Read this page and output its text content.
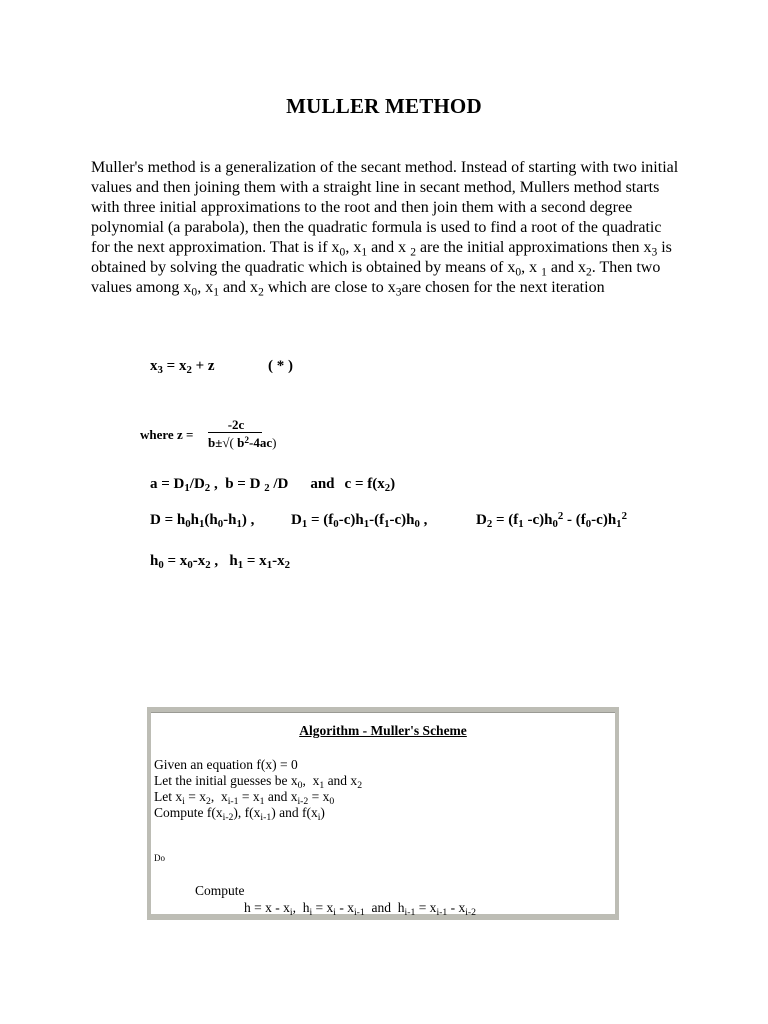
MULLER METHOD

Muller's method is a generalization of the secant method. Instead of starting with two initial values and then joining them with a straight line in secant method, Mullers method starts with three initial approximations to the root and then join them with a second degree polynomial (a parabola), then the quadratic formula is used to find a root of the quadratic for the next approximation. That is if $x_0$, $x_1$ and x $_2$ are the initial approximations then $x_3$ is obtained by solving the quadratic which is obtained by means of $x_0$, x $_1$ and $x_2$. Then two values among $x_0$, $x_1$ and $x_2$ which are close to $x_3are$ chosen for the next iteration

$x_3 = x_2 + z$	( * )
where z =
-2c
b±√( $b^2-4ac$)
$a = D_1/D_2$ ,  b = D $_2$ /D and $c = f(x_2)$
$D = h_0h_1(h_0-h_1)$ , $D_1 = (f_0-c)h_1-(f_1-c)h_0$ ,	$D_2 = (f_1$ $-c)h_0^2 - (f_0-c)h_1^2$
$h_0 = x_0-x_2$ ,   $h_1 = x_1-x_2$
Algorithm - Muller's Scheme
Given an equation f(x) = 0
Let the initial guesses be $x_0$,  $x_1$ and $x_2$
Let $x_i = x_2$,  $x_{i-1} = x_1$ and $x_{i-2} = x_0$
Compute $f(x_{i-2})$, $f(x_{i-1})$ and $f(x_i)$
Do
Compute
$h = x - x_i$,  $h_i = x_i - x_{i-1}$  and  $h_{i-1} = x_{i-1} - x_{i-2}$
